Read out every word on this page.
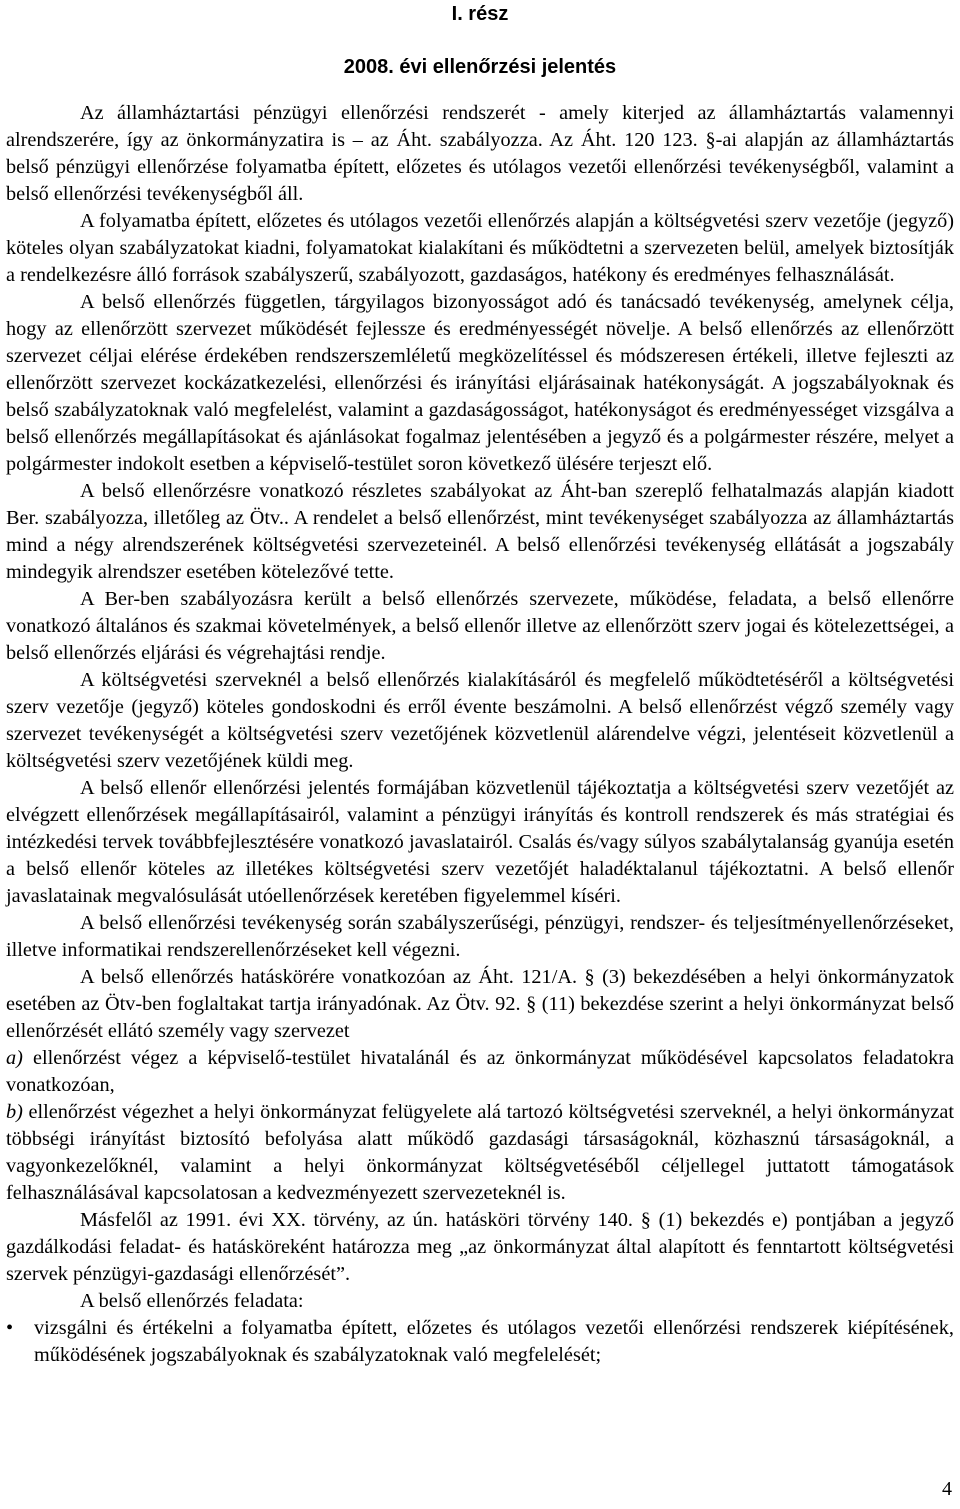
I. rész
2008. évi ellenőrzési jelentés

Az államháztartási pénzügyi ellenőrzési rendszerét - amely kiterjed az államháztartás valamennyi alrendszerére, így az önkormányzatira is – az Áht. szabályozza. Az Áht. 120 123. §-ai alapján az államháztartás belső pénzügyi ellenőrzése folyamatba épített, előzetes és utólagos vezetői ellenőrzési tevékenységből, valamint a belső ellenőrzési tevékenységből áll.

A folyamatba épített, előzetes és utólagos vezetői ellenőrzés alapján a költségvetési szerv vezetője (jegyző) köteles olyan szabályzatokat kiadni, folyamatokat kialakítani és működtetni a szervezeten belül, amelyek biztosítják a rendelkezésre álló források szabályszerű, szabályozott, gazdaságos, hatékony és eredményes felhasználását.

A belső ellenőrzés független, tárgyilagos bizonyosságot adó és tanácsadó tevékenység, amelynek célja, hogy az ellenőrzött szervezet működését fejlessze és eredményességét növelje. A belső ellenőrzés az ellenőrzött szervezet céljai elérése érdekében rendszerszemléletű megközelítéssel és módszeresen értékeli, illetve fejleszti az ellenőrzött szervezet kockázatkezelési, ellenőrzési és irányítási eljárásainak hatékonyságát. A jogszabályoknak és belső szabályzatoknak való megfelelést, valamint a gazdaságosságot, hatékonyságot és eredményességet vizsgálva a belső ellenőrzés megállapításokat és ajánlásokat fogalmaz jelentésében a jegyző és a polgármester részére, melyet a polgármester indokolt esetben a képviselő-testület soron következő ülésére terjeszt elő.

A belső ellenőrzésre vonatkozó részletes szabályokat az Áht-ban szereplő felhatalmazás alapján kiadott Ber. szabályozza, illetőleg az Ötv.. A rendelet a belső ellenőrzést, mint tevékenységet szabályozza az államháztartás mind a négy alrendszerének költségvetési szervezeteinél. A belső ellenőrzési tevékenység ellátását a jogszabály mindegyik alrendszer esetében kötelezővé tette.

A Ber-ben szabályozásra került a belső ellenőrzés szervezete, működése, feladata, a belső ellenőrre vonatkozó általános és szakmai követelmények, a belső ellenőr illetve az ellenőrzött szerv jogai és kötelezettségei, a belső ellenőrzés eljárási és végrehajtási rendje.

A költségvetési szerveknél a belső ellenőrzés kialakításáról és megfelelő működtetéséről a költségvetési szerv vezetője (jegyző) köteles gondoskodni és erről évente beszámolni. A belső ellenőrzést végző személy vagy szervezet tevékenységét a költségvetési szerv vezetőjének közvetlenül alárendelve végzi, jelentéseit közvetlenül a költségvetési szerv vezetőjének küldi meg.

A belső ellenőr ellenőrzési jelentés formájában közvetlenül tájékoztatja a költségvetési szerv vezetőjét az elvégzett ellenőrzések megállapításairól, valamint a pénzügyi irányítás és kontroll rendszerek és más stratégiai és intézkedési tervek továbbfejlesztésére vonatkozó javaslatairól. Csalás és/vagy súlyos szabálytalanság gyanúja esetén a belső ellenőr köteles az illetékes költségvetési szerv vezetőjét haladéktalanul tájékoztatni. A belső ellenőr javaslatainak megvalósulását utóellenőrzések keretében figyelemmel kíséri.

A belső ellenőrzési tevékenység során szabályszerűségi, pénzügyi, rendszer- és teljesítményellenőrzéseket, illetve informatikai rendszerellenőrzéseket kell végezni.

A belső ellenőrzés hatáskörére vonatkozóan az Áht. 121/A. § (3) bekezdésében a helyi önkormányzatok esetében az Ötv-ben foglaltakat tartja irányadónak. Az Ötv. 92. § (11) bekezdése szerint a helyi önkormányzat belső ellenőrzését ellátó személy vagy szervezet

a) ellenőrzést végez a képviselő-testület hivatalánál és az önkormányzat működésével kapcsolatos feladatokra vonatkozóan,

b) ellenőrzést végezhet a helyi önkormányzat felügyelete alá tartozó költségvetési szerveknél, a helyi önkormányzat többségi irányítást biztosító befolyása alatt működő gazdasági társaságoknál, közhasznú társaságoknál, a vagyonkezelőknél, valamint a helyi önkormányzat költségvetéséből céljellegel juttatott támogatások felhasználásával kapcsolatosan a kedvezményezett szervezeteknél is.

Másfelől az 1991. évi XX. törvény, az ún. hatásköri törvény 140. § (1) bekezdés e) pontjában a jegyző gazdálkodási feladat- és hatásköreként határozza meg „az önkormányzat által alapított és fenntartott költségvetési szervek pénzügyi-gazdasági ellenőrzését”.

A belső ellenőrzés feladata:

•	vizsgálni és értékelni a folyamatba épített, előzetes és utólagos vezetői ellenőrzési rendszerek kiépítésének, működésének jogszabályoknak és szabályzatoknak való megfelelését;
4
